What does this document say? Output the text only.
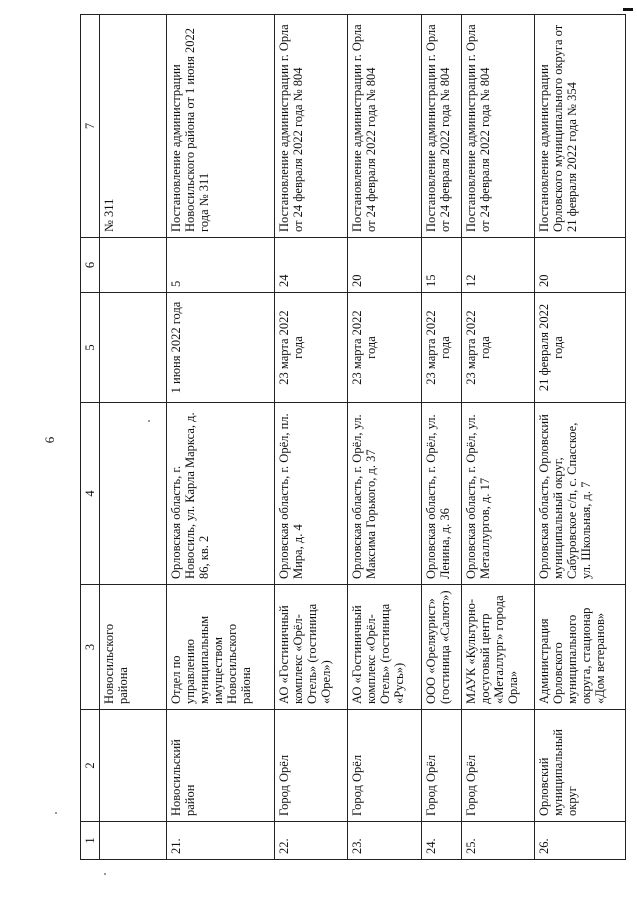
6
1	2	3	4	5	6	7
		Новосильского района				№ 311
21.	Новосильский район	Отдел по управлению муниципальным имуществом Новосильского района	Орловская область, г. Новосиль, ул. Карла Маркса, д. 86, кв. 2	1 июня 2022 года	5	Постановление администрации Новосильского района от 1 июня 2022 года № 311
22.	Город Орёл	АО «Гостиничный комплекс «Орёл-Отель» (гостиница «Орел»)	Орловская область, г. Орёл, пл. Мира, д. 4	23 марта 2022 года	24	Постановление администрации г. Орла от 24 февраля 2022 года № 804
23.	Город Орёл	АО «Гостиничный комплекс «Орёл-Отель» (гостиница «Русь»)	Орловская область, г. Орёл, ул. Максима Горького, д. 37	23 марта 2022 года	20	Постановление администрации г. Орла от 24 февраля 2022 года № 804
24.	Город Орёл	ООО «Ореляурист» (гостиница «Салют»)	Орловская область, г. Орёл, ул. Ленина, д. 36	23 марта 2022 года	15	Постановление администрации г. Орла от 24 февраля 2022 года № 804
25.	Город Орёл	МАУК «Культурно-досуговый центр «Металлург» города Орла»	Орловская область, г. Орёл, ул. Металлургов, д. 17	23 марта 2022 года	12	Постановление администрации г. Орла от 24 февраля 2022 года № 804
26.	Орловский муниципальный округ	Администрация Орловского муниципального округа, стационар «Дом ветеранов»	Орловская область, Орловский муниципальный округ, Сабуровское с/п, с. Спасское, ул. Школьная, д. 7	21 февраля 2022 года	20	Постановление администрации Орловского муниципального округа от 21 февраля 2022 года № 354
